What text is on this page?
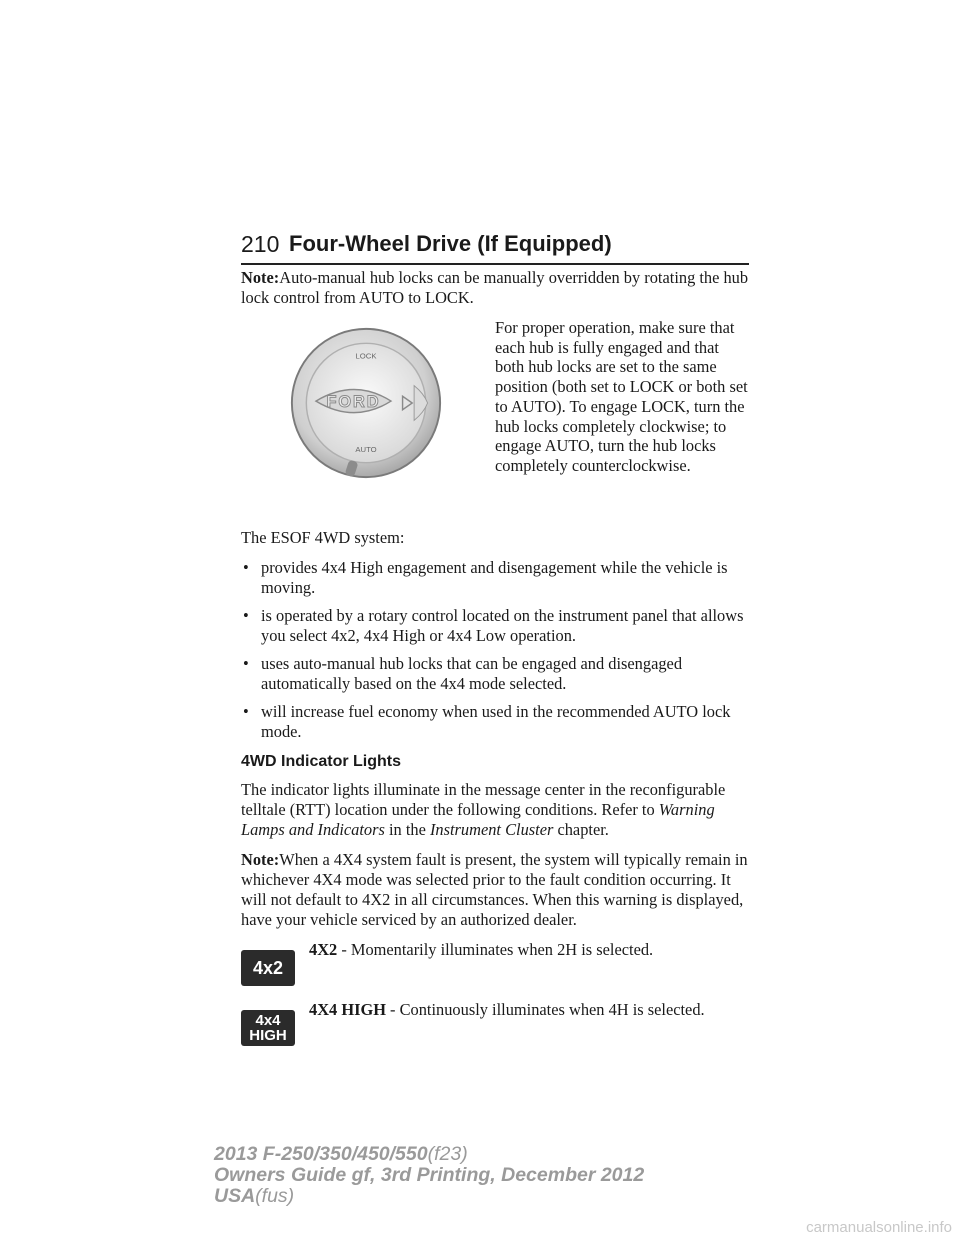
210 Four-Wheel Drive (If Equipped)

Note:Auto-manual hub locks can be manually overridden by rotating the hub lock control from AUTO to LOCK.

FORD
LOCK
AUTO
For proper operation, make sure that each hub is fully engaged and that both hub locks are set to the same position (both set to LOCK or both set to AUTO). To engage LOCK, turn the hub locks completely clockwise; to engage AUTO, turn the hub locks completely counterclockwise.

The ESOF 4WD system:

• provides 4x4 High engagement and disengagement while the vehicle is moving.
• is operated by a rotary control located on the instrument panel that allows you select 4x2, 4x4 High or 4x4 Low operation.
• uses auto-manual hub locks that can be engaged and disengaged automatically based on the 4x4 mode selected.
• will increase fuel economy when used in the recommended AUTO lock mode.
4WD Indicator Lights

The indicator lights illuminate in the message center in the reconfigurable telltale (RTT) location under the following conditions. Refer to Warning Lamps and Indicators in the Instrument Cluster chapter.

Note:When a 4X4 system fault is present, the system will typically remain in whichever 4X4 mode was selected prior to the fault condition occurring. It will not default to 4X2 in all circumstances. When this warning is displayed, have your vehicle serviced by an authorized dealer.

4x2
4X2 - Momentarily illuminates when 2H is selected.
4x4
HIGH
4X4 HIGH - Continuously illuminates when 4H is selected.
2013 F-250/350/450/550(f23)
Owners Guide gf, 3rd Printing, December 2012
USA(fus)
carmanualsonline.info
